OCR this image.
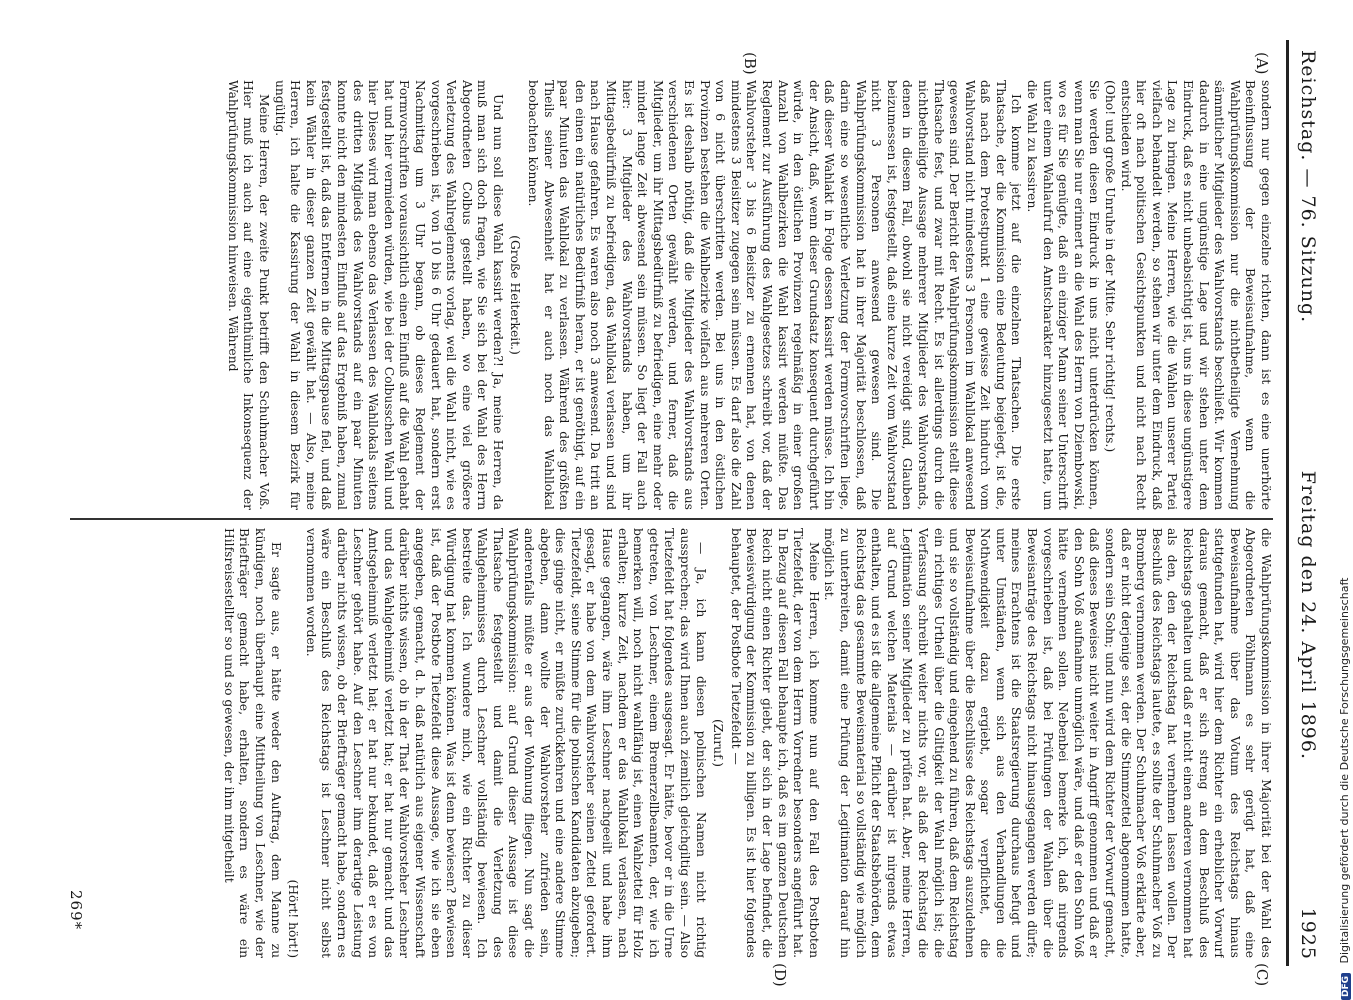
Reichstag. — 76. Sitzung.
Freitag den 24. April 1896.
1925
(A)
(B)
(C)
(D)

sondern nur gegen einzelne richten, dann ist es eine unerhörte Beeinflussung der Beweisaufnahme, wenn die Wahlprüfungskommission nur die nichtbetheiligte Vernehmung sämmtlicher Mitglieder des Wahlvorstands beschließt. Wir kommen dadurch in eine ungünstige Lage und wir stehen unter dem Eindruck, daß es nicht unbeabsichtigt ist, uns in diese ungünstigere Lage zu bringen. Meine Herren, wie die Wahlen unserer Partei vielfach behandelt werden, so stehen wir unter dem Eindruck, daß hier oft nach politischen Gesichtspunkten und nicht nach Recht entschieden wird.

(Oho! und große Unruhe in der Mitte. Sehr richtig! rechts.)

Sie werden diesen Eindruck in uns nicht unterdrücken können, wenn man Sie nur erinnert an die Wahl des Herrn von Dziembowski, wo es für Sie genügte, daß ein einziger Mann seiner Unterschrift unter einem Wahlaufruf den Amtscharakter hinzugesetzt hatte, um die Wahl zu kassiren.

Ich komme jetzt auf die einzelnen Thatsachen. Die erste Thatsache, der die Kommission eine Bedeutung beigelegt, ist die, daß nach dem Protestpunkt 1 eine gewisse Zeit hindurch vom Wahlvorstand nicht mindestens 3 Personen im Wahllokal anwesend gewesen sind. Der Bericht der Wahlprüfungskommission stellt diese Thatsache fest, und zwar mit Recht. Es ist allerdings durch die nichtbetheiligte Aussage mehrerer Mitglieder des Wahlvorstands, denen in diesem Fall, obwohl sie nicht vereidigt sind, Glauben beizumessen ist, festgestellt, daß eine kurze Zeit vom Wahlvorstand nicht 3 Personen anwesend gewesen sind. Die Wahlprüfungskommission hat in ihrer Majorität beschlossen, daß darin eine so wesentliche Verletzung der Formvorschriften liege, daß dieser Wahlakt in Folge dessen kassirt werden müsse. Ich bin der Ansicht, daß, wenn dieser Grundsatz konsequent durchgeführt würde, in den östlichen Provinzen regelmäßig in einer großen Anzahl von Wahlbezirken die Wahl kassirt werden müßte. Das Reglement zur Ausführung des Wahlgesetzes schreibt vor, daß der Wahlvorsteher 3 bis 6 Beisitzer zu ernennen hat, von denen mindestens 3 Beisitzer zugegen sein müssen. Es darf also die Zahl von 6 nicht überschritten werden. Bei uns in den östlichen Provinzen bestehen die Wahlbezirke vielfach aus mehreren Orten. Es ist deshalb nöthig, daß die Mitglieder des Wahlvorstands aus verschiedenen Orten gewählt werden, und ferner, daß die Mitglieder, um ihr Mittagsbedürfniß zu befriedigen, eine mehr oder minder lange Zeit abwesend sein müssen. So liegt der Fall auch hier: 3 Mitglieder des Wahlvorstands haben, um ihr Mittagsbedürfniß zu befriedigen, das Wahllokal verlassen und sind nach Hause gefahren. Es waren also noch 3 anwesend. Da tritt an den einen ein natürliches Bedürfniß heran, er ist genöthigt, auf ein paar Minuten das Wahllokal zu verlassen. Während des größten Theils seiner Abwesenheit hat er auch noch das Wahllokal beobachten können.

(Große Heiterkeit.)

Und nun soll diese Wahl kassirt werden?! Ja, meine Herren, da muß man sich doch fragen, wie Sie sich bei der Wahl des Herrn Abgeordneten Colbus gestellt haben, wo eine viel größere Verletzung des Wahlreglements vorlag, weil die Wahl nicht, wie es vorgeschrieben ist, von 10 bis 6 Uhr gedauert hat, sondern erst Nachmittag um 3 Uhr begann, ob dieses Reglement der Formvorschriften voraussichtlich einen Einfluß auf die Wahl gehabt hat und hier vermieden würden, wie bei der Colbusschen Wahl und hier Dieses wird man ebenso das Verlassen des Wahllokals seitens des dritten Mitglieds des Wahlvorstands auf ein paar Minuten konnte nicht den mindesten Einfluß auf das Ergebniß haben, zumal festgestellt ist, daß das Entfernen in die Mittagspause fiel, und daß kein Wähler in dieser ganzen Zeit gewählt hat. — Also, meine Herren, ich halte die Kassirung der Wahl in diesem Bezirk für ungültig.

Meine Herren, der zweite Punkt betrifft den Schuhmacher Voß. Hier muß ich auch auf eine eigenthümliche Inkonsequenz der Wahlprüfungskommission hinweisen. Während

die Wahlprüfungskommission in ihrer Majorität bei der Wahl des Abgeordneten Pöhlmann es sehr gerügt hat, daß eine Beweisaufnahme über das Votum des Reichstags hinaus stattgefunden hat, wird hier dem Richter ein erheblicher Vorwurf daraus gemacht, daß er sich streng an dem Beschluß des Reichstags gehalten und daß er nicht einen anderen vernommen hat als den, den der Reichstag hat vernehmen lassen wollen. Der Beschluß des Reichstags lautete, es sollte der Schuhmacher Voß zu Bromberg vernommen werden. Der Schuhmacher Voß erklärte aber, daß er nicht derjenige sei, der die Stimmzettel abgenommen hatte, sondern sein Sohn; und nun wird dem Richter der Vorwurf gemacht, daß dieses Beweises nicht weiter in Angriff genommen und daß er den Sohn Voß aufnahme unmöglich wäre, und daß er den Sohn Voß hätte vernehmen sollen. Nebenbei bemerke ich, daß nirgends vorgeschrieben ist, daß bei Prüfungen der Wahlen über die Beweisanträge des Reichstags nicht hinausgegangen werden dürfe; meines Erachtens ist die Staatsregierung durchaus befugt und unter Umständen, wenn sich aus den Verhandlungen die Nothwendigkeit dazu ergiebt, sogar verpflichtet, die Beweisaufnahme über die Beschlüsse des Reichstags auszudehnen und sie so vollständig und eingehend zu führen, daß dem Reichstag ein richtiges Urtheil über die Giltigkeit der Wahl möglich ist; die Verfassung schreibt weiter nichts vor, als daß der Reichstag die Legitimation seiner Mitglieder zu prüfen hat. Aber, meine Herren, auf Grund welchen Materials — darüber ist nirgends etwas enthalten, und es ist die allgemeine Pflicht der Staatsbehörden, dem Reichstag das gesammte Beweismaterial so vollständig wie möglich zu unterbreiten, damit eine Prüfung der Legitimation darauf hin möglich ist.

Meine Herren, ich komme nun auf den Fall des Postboten Tietzefeldt, der von dem Herrn Vorredner besonders angeführt hat. In Bezug auf diesen Fall behaupte ich, daß es im ganzen Deutschen Reich nicht einen Richter giebt, der sich in der Lage befindet, die Beweiswürdigung der Kommission zu billigen. Es ist hier folgendes behauptet, der Postbote Tietzefeldt —

(Zuruf.)

— Ja, ich kann diesen polnischen Namen nicht richtig aussprechen; das wird Ihnen auch ziemlich gleichgiltig sein. — Also Tietzefeldt hat folgendes ausgesagt. Er hätte, bevor er in die Urne getreten, von Leschner, einem Bremerzellbeamten, der, wie ich bemerken will, noch nicht wahlfähig ist, einen Wahlzettel für Holz erhalten; kurze Zeit, nachdem er das Wahllokal verlassen, nach Hause gegangen, wäre ihm Leschner nachgeeilt und habe ihm gesagt, er habe von dem Wahlvorsteher seinen Zettel gefordert. Tietzefeldt, seine Stimme für die polnischen Kandidaten abzugeben; dies ginge nicht, er müßte zurückkehren und eine andere Stimme abgeben, dann wollte der Wahlvorsteher zufrieden sein, anderenfalls müßte er aus der Wohnung fliegen. Nun sagt die Wahlprüfungskommission: auf Grund dieser Aussage ist diese Thatsache festgestellt und damit die Verletzung des Wahlgeheimnisses durch Leschner vollständig bewiesen. Ich bestreite das. Ich wundere mich, wie ein Richter zu dieser Würdigung hat kommen können. Was ist denn bewiesen? Bewiesen ist, daß der Postbote Tietzefeldt diese Aussage, wie ich sie eben angegeben, gemacht, d. h. daß natürlich aus eigener Wissenschaft darüber nichts wissen, ob in der That der Wahlvorsteher Leschner und das Wahlgeheimniß verletzt hat; er hat nur gemacht und das Amtsgeheimniß verletzt hat; er hat nur bekundet, daß er es von Leschner gehört habe. Auf den Leschner ihm derartige Leistung darüber nichts wissen, ob der Briefträger gemacht habe, sondern es wäre ein Beschluß des Reichstags ist Leschner nicht selbst vernommen worden.

(Hört! hört!)

Er sagte aus, er hätte weder den Auftrag, dem Manne zu kündigen, noch überhaupt eine Mittheilung von Leschner, wie der Briefträger gemacht habe, erhalten, sondern es wäre ein Hilfsreisestellter so und so gewesen, der ihm mitgetheilt

269*
DFG Digitalisierung gefördert durch die Deutsche Forschungsgemeinschaft
